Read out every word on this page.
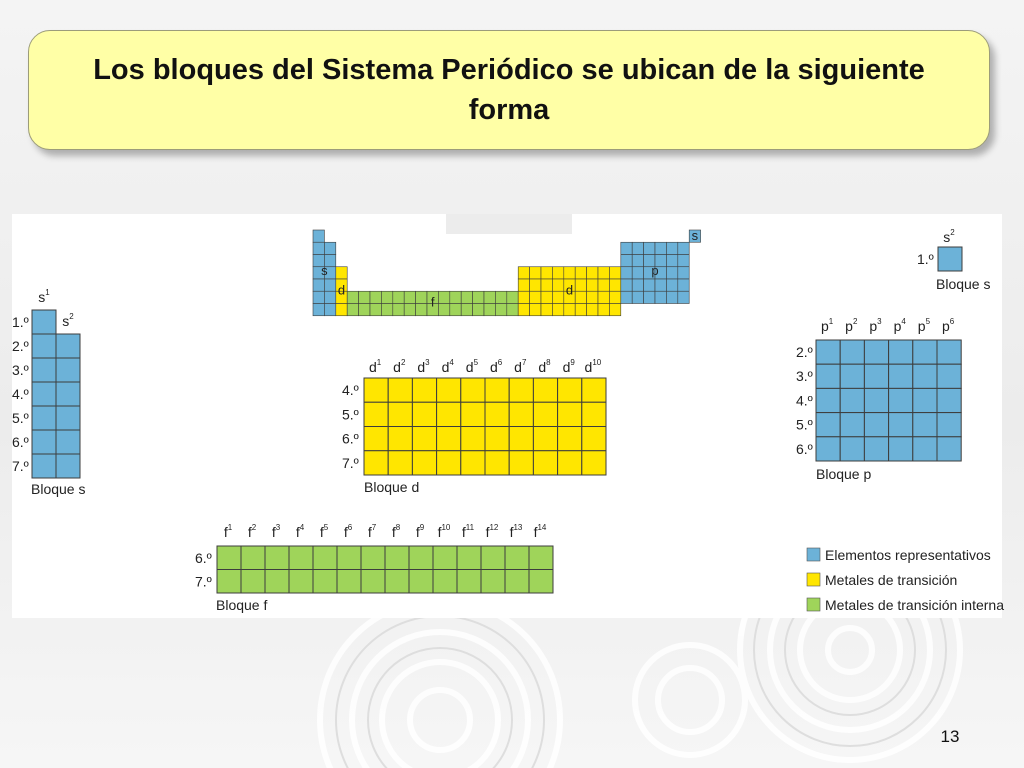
Los bloques del Sistema Periódico se ubican de la siguiente forma
s
d
f
d
p
s
$s^1$
$s^2$
1.º
2.º
3.º
4.º
5.º
6.º
7.º
Bloque s
$s^2$
1.º
Bloque s
$d^1$ $d^2$ $d^3$ $d^4$ $d^5$ $d^6$ $d^7$ $d^8$ $d^9$ $d^{10}$
4.º
5.º
6.º
7.º
Bloque d
$p^1$ $p^2$ $p^3$ $p^4$ $p^5$ $p^6$
2.º
3.º
4.º
5.º
6.º
Bloque p
$f^1$ $f^2$ $f^3$ $f^4$ $f^5$ $f^6$ $f^7$ $f^8$ $f^9$ $f^{10}$ $f^{11}$ $f^{12}$ $f^{13}$ $f^{14}$
6.º
7.º
Bloque f
Elementos representativos
Metales de transición
Metales de transición interna
13
